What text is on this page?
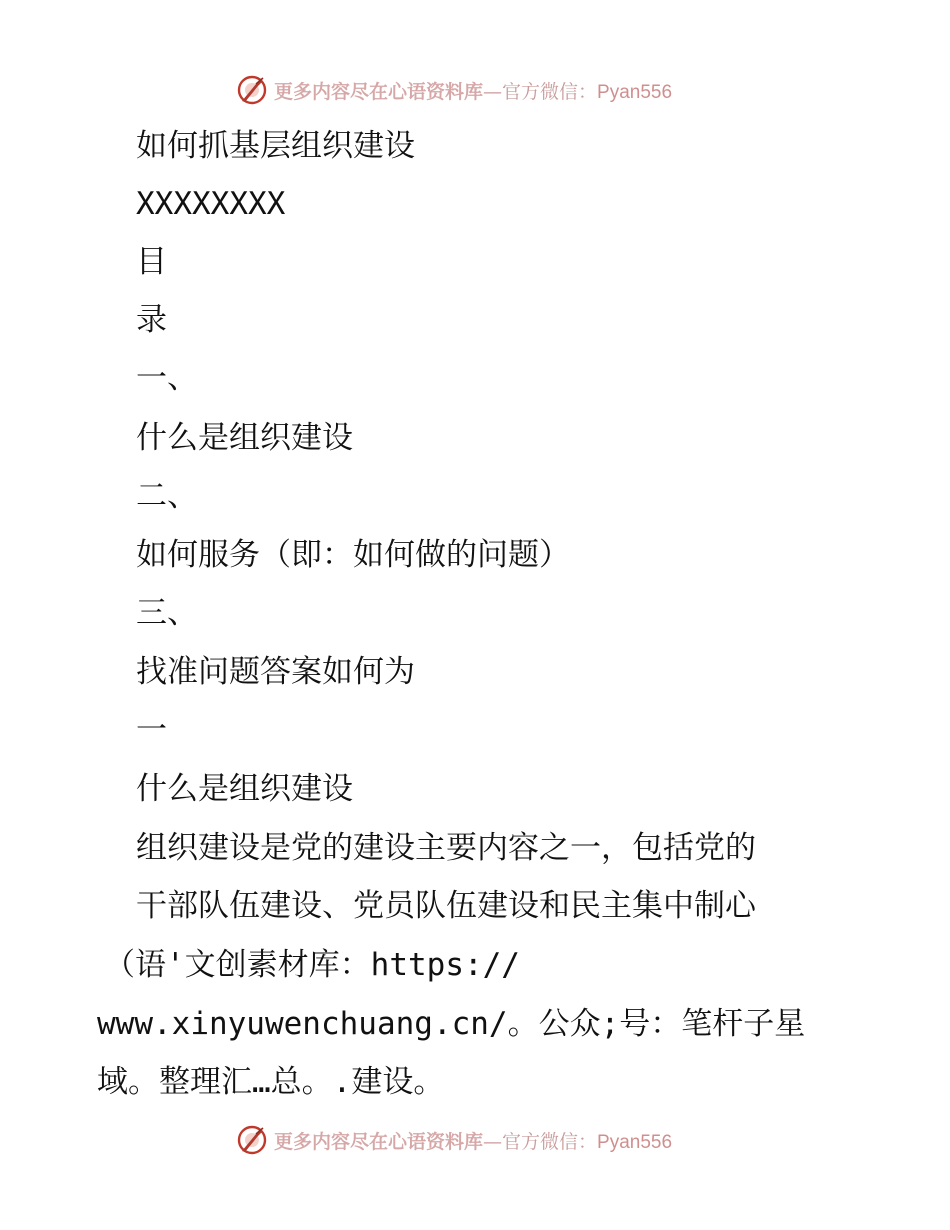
更多内容尽在心语资料库—官方微信：Pyan556
如何抓基层组织建设
XXXXXXXX
目
录
一、
什么是组织建设
二、
如何服务（即：如何做的问题）
三、
找准问题答案如何为
一
什么是组织建设
组织建设是党的建设主要内容之一，包括党的
干部队伍建设、党员队伍建设和民主集中制心
（语'文创素材库：https://
www.xinyuwenchuang.cn/。公众;号：笔杆子星
域。整理汇…总。.建设。
更多内容尽在心语资料库—官方微信：Pyan556
